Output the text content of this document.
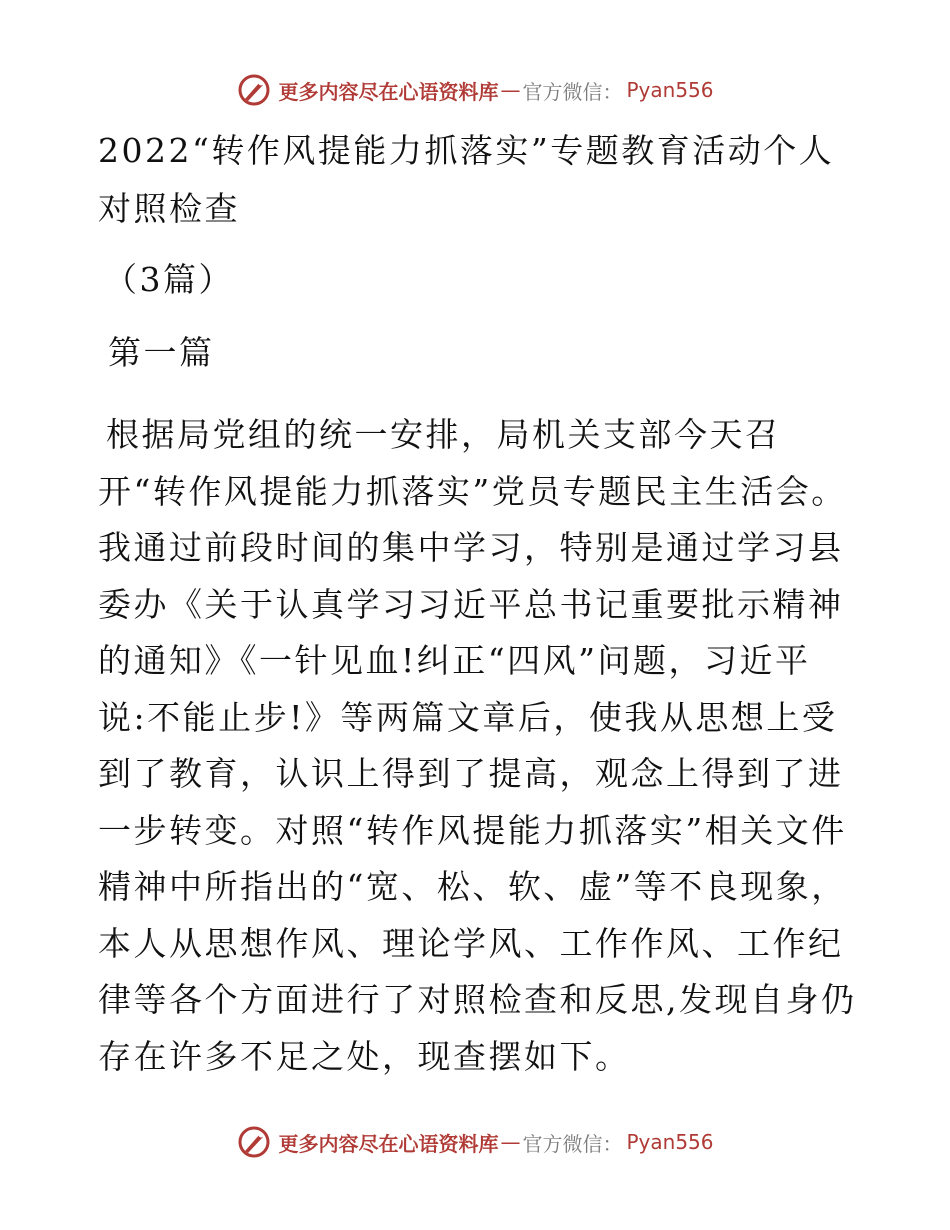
更多内容尽在心语资料库 — 官方微信： Pyan556
2022“转作风提能力抓落实”专题教育活动个人对照检查

（3篇）

第一篇

根据局党组的统一安排，局机关支部今天召开“转作风提能力抓落实”党员专题民主生活会。我通过前段时间的集中学习，特别是通过学习县委办《关于认真学习习近平总书记重要批示精神的通知》《一针见血!纠正“四风”问题，习近平说:不能止步!》等两篇文章后，使我从思想上受到了教育，认识上得到了提高，观念上得到了进一步转变。对照“转作风提能力抓落实”相关文件精神中所指出的“宽、松、软、虚”等不良现象，本人从思想作风、理论学风、工作作风、工作纪律等各个方面进行了对照检查和反思,发现自身仍存在许多不足之处，现查摆如下。

更多内容尽在心语资料库 — 官方微信： Pyan556
